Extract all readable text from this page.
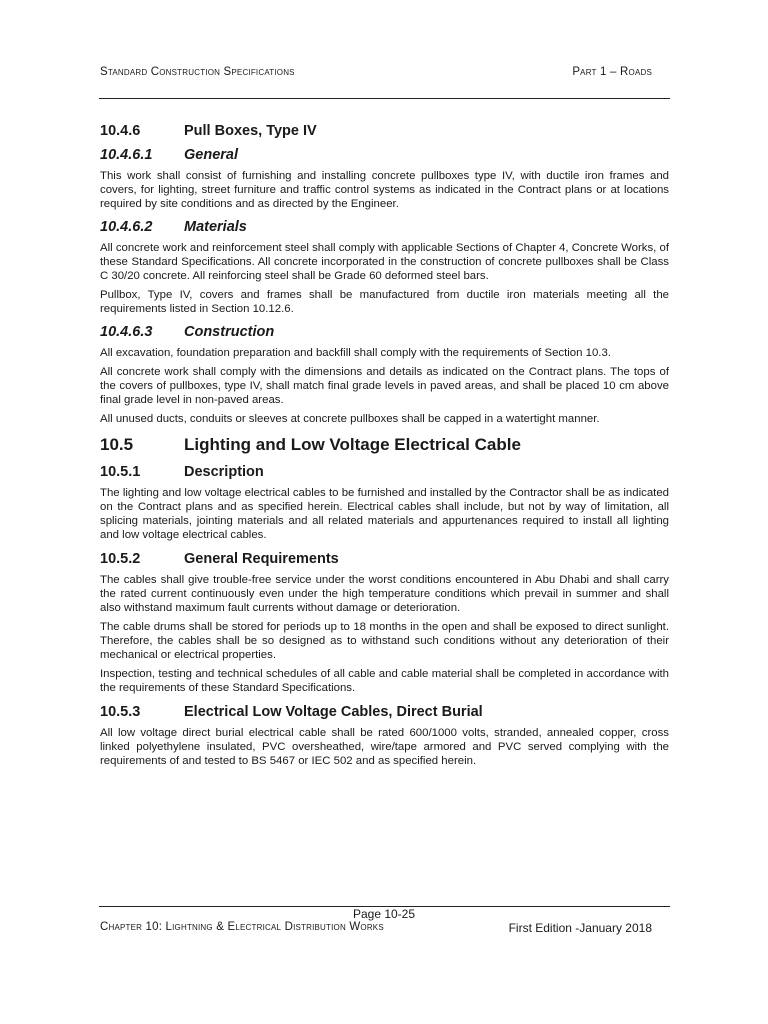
Standard Construction Specifications	Part 1 – Roads
10.4.6	Pull Boxes, Type IV
10.4.6.1	General

This work shall consist of furnishing and installing concrete pullboxes type IV, with ductile iron frames and covers, for lighting, street furniture and traffic control systems as indicated in the Contract plans or at locations required by site conditions and as directed by the Engineer.

10.4.6.2	Materials

All concrete work and reinforcement steel shall comply with applicable Sections of Chapter 4, Concrete Works, of these Standard Specifications. All concrete incorporated in the construction of concrete pullboxes shall be Class C 30/20 concrete. All reinforcing steel shall be Grade 60 deformed steel bars.

Pullbox, Type IV, covers and frames shall be manufactured from ductile iron materials meeting all the requirements listed in Section 10.12.6.

10.4.6.3	Construction

All excavation, foundation preparation and backfill shall comply with the requirements of Section 10.3.

All concrete work shall comply with the dimensions and details as indicated on the Contract plans. The tops of the covers of pullboxes, type IV, shall match final grade levels in paved areas, and shall be placed 10 cm above final grade level in non-paved areas.

All unused ducts, conduits or sleeves at concrete pullboxes shall be capped in a watertight manner.

10.5	Lighting and Low Voltage Electrical Cable
10.5.1	Description

The lighting and low voltage electrical cables to be furnished and installed by the Contractor shall be as indicated on the Contract plans and as specified herein. Electrical cables shall include, but not by way of limitation, all splicing materials, jointing materials and all related materials and appurtenances required to install all lighting and low voltage electrical cables.

10.5.2	General Requirements

The cables shall give trouble-free service under the worst conditions encountered in Abu Dhabi and shall carry the rated current continuously even under the high temperature conditions which prevail in summer and shall also withstand maximum fault currents without damage or deterioration.

The cable drums shall be stored for periods up to 18 months in the open and shall be exposed to direct sunlight. Therefore, the cables shall be so designed as to withstand such conditions without any deterioration of their mechanical or electrical properties.

Inspection, testing and technical schedules of all cable and cable material shall be completed in accordance with the requirements of these Standard Specifications.

10.5.3	Electrical Low Voltage Cables, Direct Burial

All low voltage direct burial electrical cable shall be rated 600/1000 volts, stranded, annealed copper, cross linked polyethylene insulated, PVC oversheathed, wire/tape armored and PVC served complying with the requirements of and tested to BS 5467 or IEC 502 and as specified herein.

Page 10-25
Chapter 10: Lightning & Electrical Distribution Works	First Edition -January 2018
